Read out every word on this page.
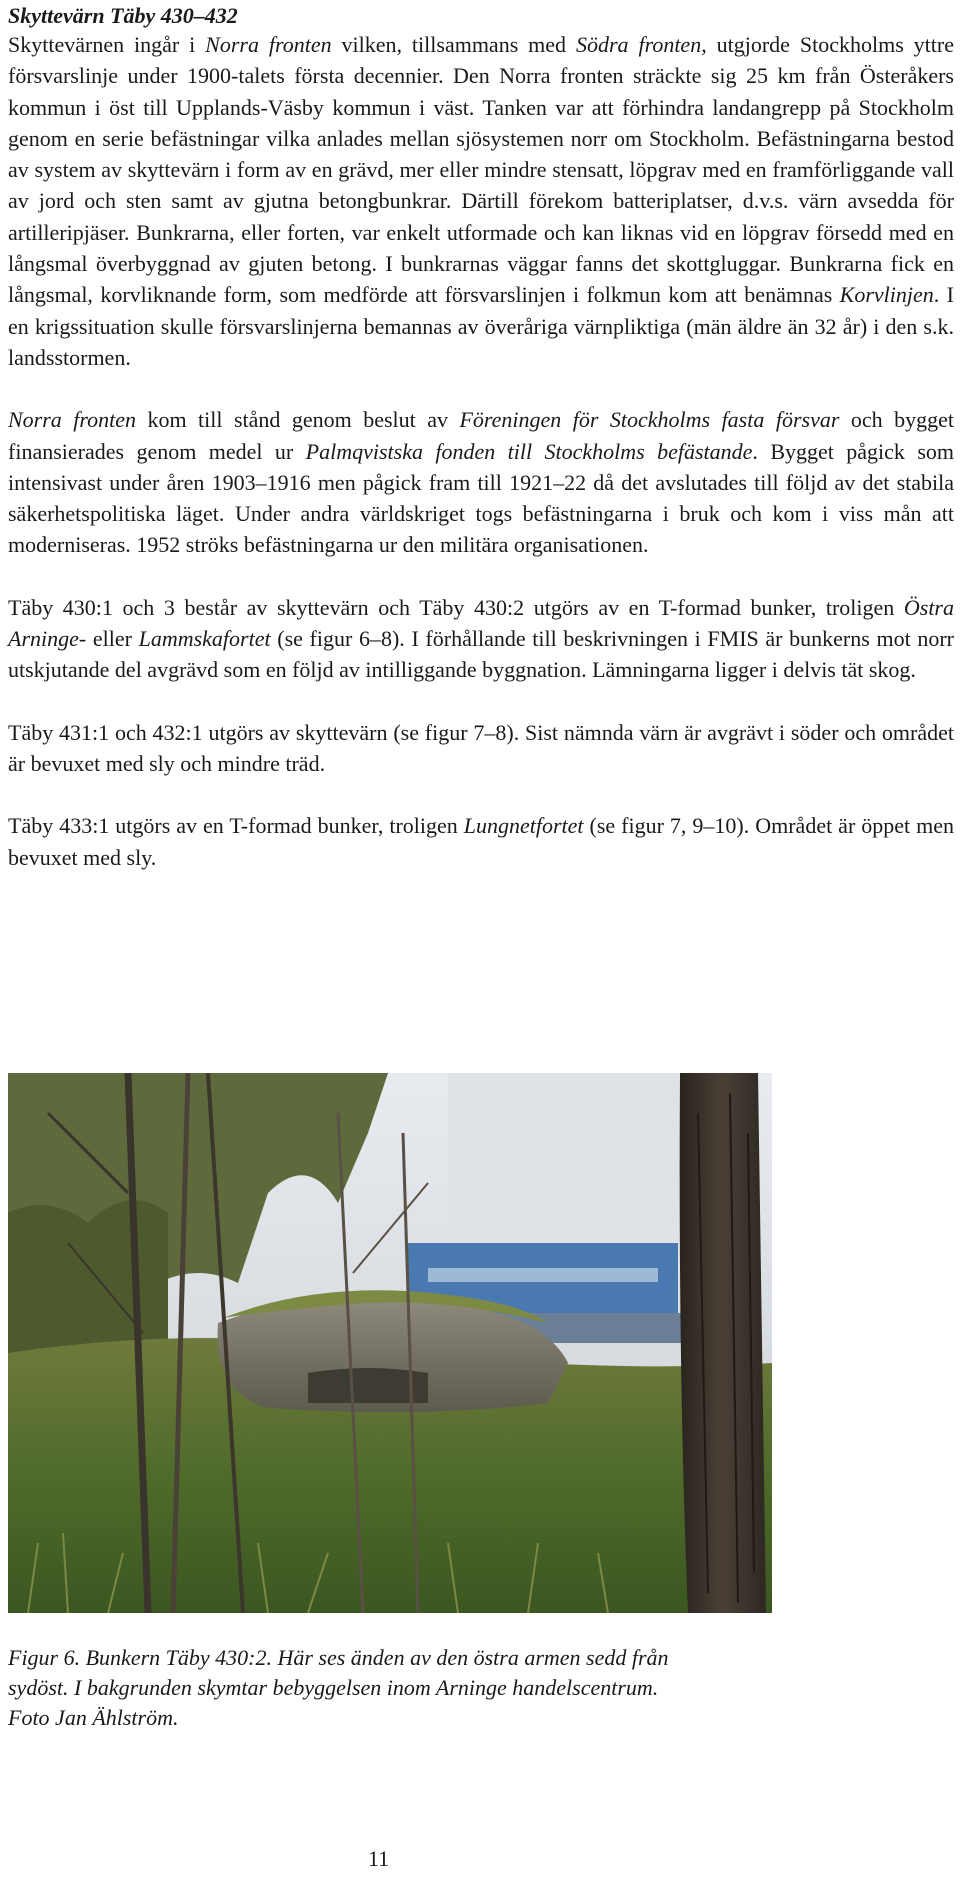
Skyttevärn Täby 430–432

Skyttevärnen ingår i Norra fronten vilken, tillsammans med Södra fronten, utgjorde Stockholms yttre försvarslinje under 1900-talets första decennier. Den Norra fronten sträckte sig 25 km från Österåkers kommun i öst till Upplands-Väsby kommun i väst. Tanken var att förhindra landangrepp på Stockholm genom en serie befästningar vilka anlades mellan sjösystemen norr om Stockholm. Befästningarna bestod av system av skyttevärn i form av en grävd, mer eller mindre stensatt, löpgrav med en framförliggande vall av jord och sten samt av gjutna betongbunkrar. Därtill förekom batteriplatser, d.v.s. värn avsedda för artilleripjäser. Bunkrarna, eller forten, var enkelt utformade och kan liknas vid en löpgrav försedd med en långsmal överbyggnad av gjuten betong. I bunkrarnas väggar fanns det skottgluggar. Bunkrarna fick en långsmal, korvliknande form, som medförde att försvarslinjen i folkmun kom att benämnas Korvlinjen. I en krigssituation skulle försvarslinjerna bemannas av överåriga värnpliktiga (män äldre än 32 år) i den s.k. landsstormen.

Norra fronten kom till stånd genom beslut av Föreningen för Stockholms fasta försvar och bygget finansierades genom medel ur Palmqvistska fonden till Stockholms befästande. Bygget pågick som intensivast under åren 1903–1916 men pågick fram till 1921–22 då det avslutades till följd av det stabila säkerhetspolitiska läget. Under andra världskriget togs befästningarna i bruk och kom i viss mån att moderniseras. 1952 ströks befästningarna ur den militära organisationen.

Täby 430:1 och 3 består av skyttevärn och Täby 430:2 utgörs av en T-formad bunker, troligen Östra Arninge- eller Lammskafortet (se figur 6–8). I förhållande till beskrivningen i FMIS är bunkerns mot norr utskjutande del avgrävd som en följd av intilliggande byggnation. Lämningarna ligger i delvis tät skog.

Täby 431:1 och 432:1 utgörs av skyttevärn (se figur 7–8). Sist nämnda värn är avgrävt i söder och området är bevuxet med sly och mindre träd.

Täby 433:1 utgörs av en T-formad bunker, troligen Lungnetfortet (se figur 7, 9–10). Området är öppet men bevuxet med sly.

Figur 6. Bunkern Täby 430:2. Här ses änden av den östra armen sedd från
sydöst. I bakgrunden skymtar bebyggelsen inom Arninge handelscentrum.
Foto Jan Ählström.

11
